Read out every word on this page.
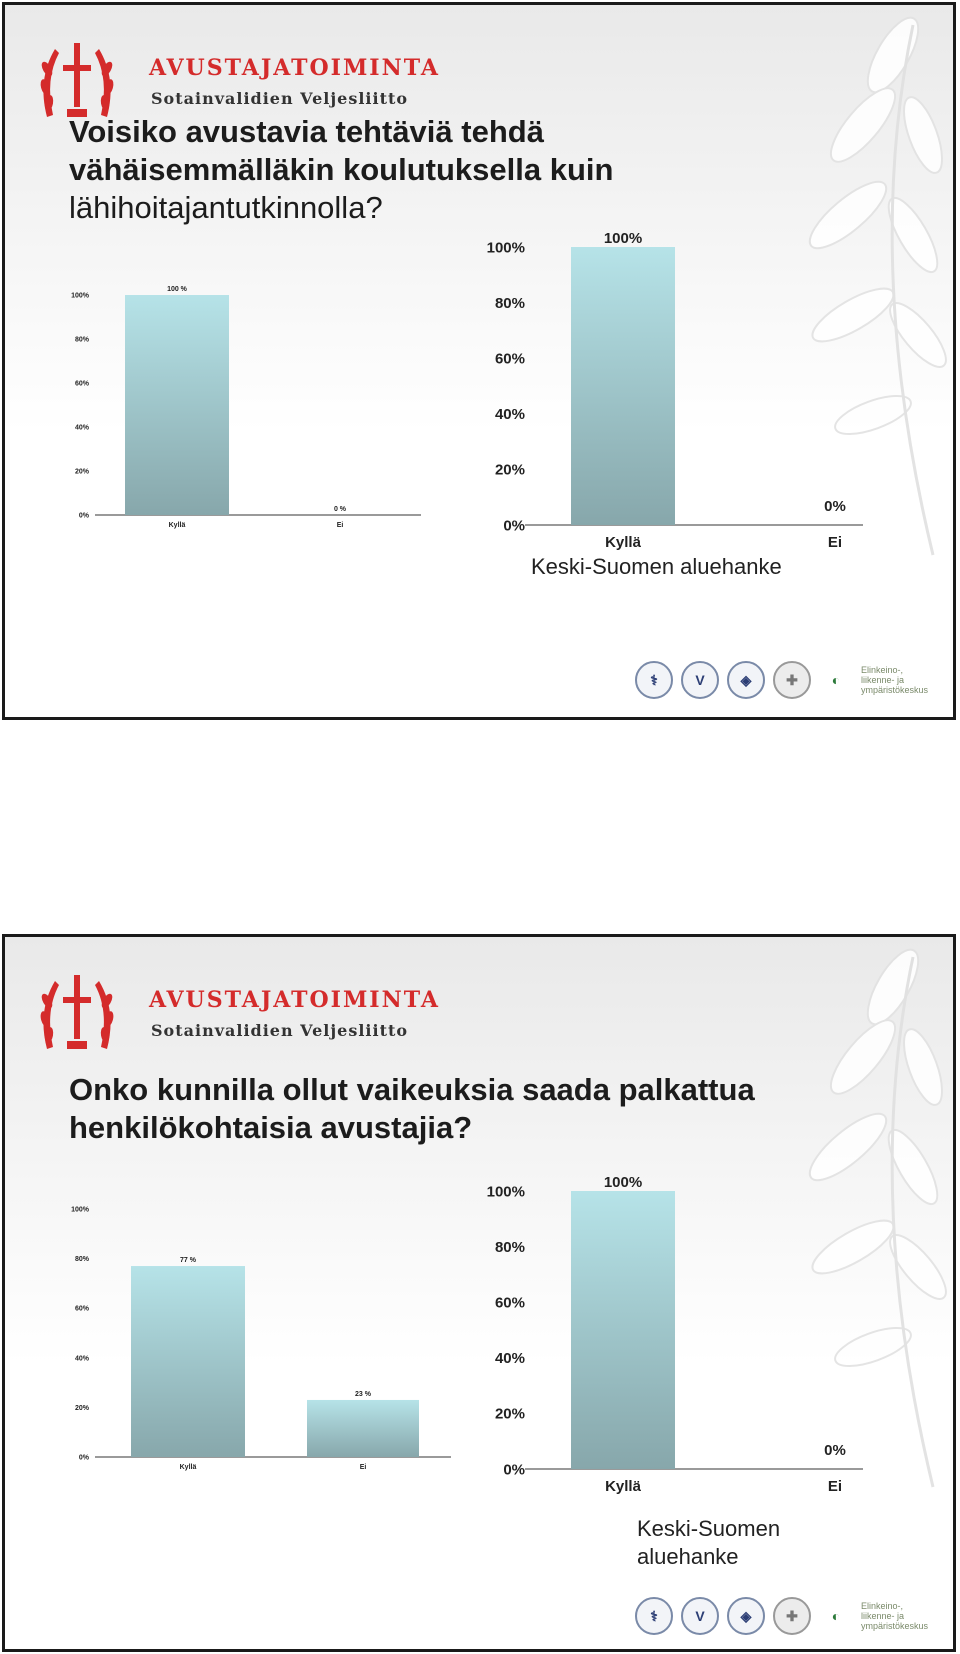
AVUSTAJATOIMINTA
Sotainvalidien Veljesliitto
Voisiko avustavia tehtäviä tehdä
vähäisemmälläkin koulutuksella kuin
lähihoitajantutkinnolla?
0%
20%
40%
60%
80%
100%
100 %
Kyllä
0 %
Ei	0%
20%
40%
60%
80%
100%
100%
Kyllä
0%
Ei
Keski-Suomen aluehanke
⚕	V	◈	✚	◐
Elinkeino-, liikenne- ja ympäristökeskus
AVUSTAJATOIMINTA
Sotainvalidien Veljesliitto
Onko kunnilla ollut vaikeuksia saada palkattua
henkilökohtaisia avustajia?
0%
20%
40%
60%
80%
100%
77 %
Kyllä
23 %
Ei	0%
20%
40%
60%
80%
100%
100%
Kyllä
0%
Ei
Keski-Suomen
aluehanke
⚕	V	◈	✚	◐
Elinkeino-, liikenne- ja ympäristökeskus
